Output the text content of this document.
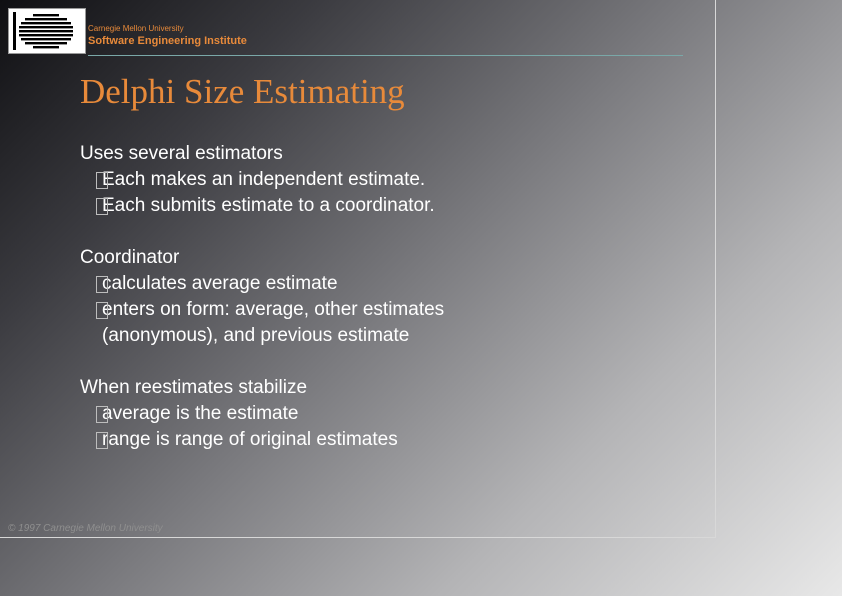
Carnegie Mellon University
Software Engineering Institute
Delphi Size Estimating
Uses several estimators
Each makes an independent estimate.
Each submits estimate to a coordinator.
Coordinator
calculates average estimate
enters on form: average, other estimates
(anonymous), and previous estimate
When reestimates stabilize
average is the estimate
range is range of original estimates
© 1997 Carnegie Mellon University
